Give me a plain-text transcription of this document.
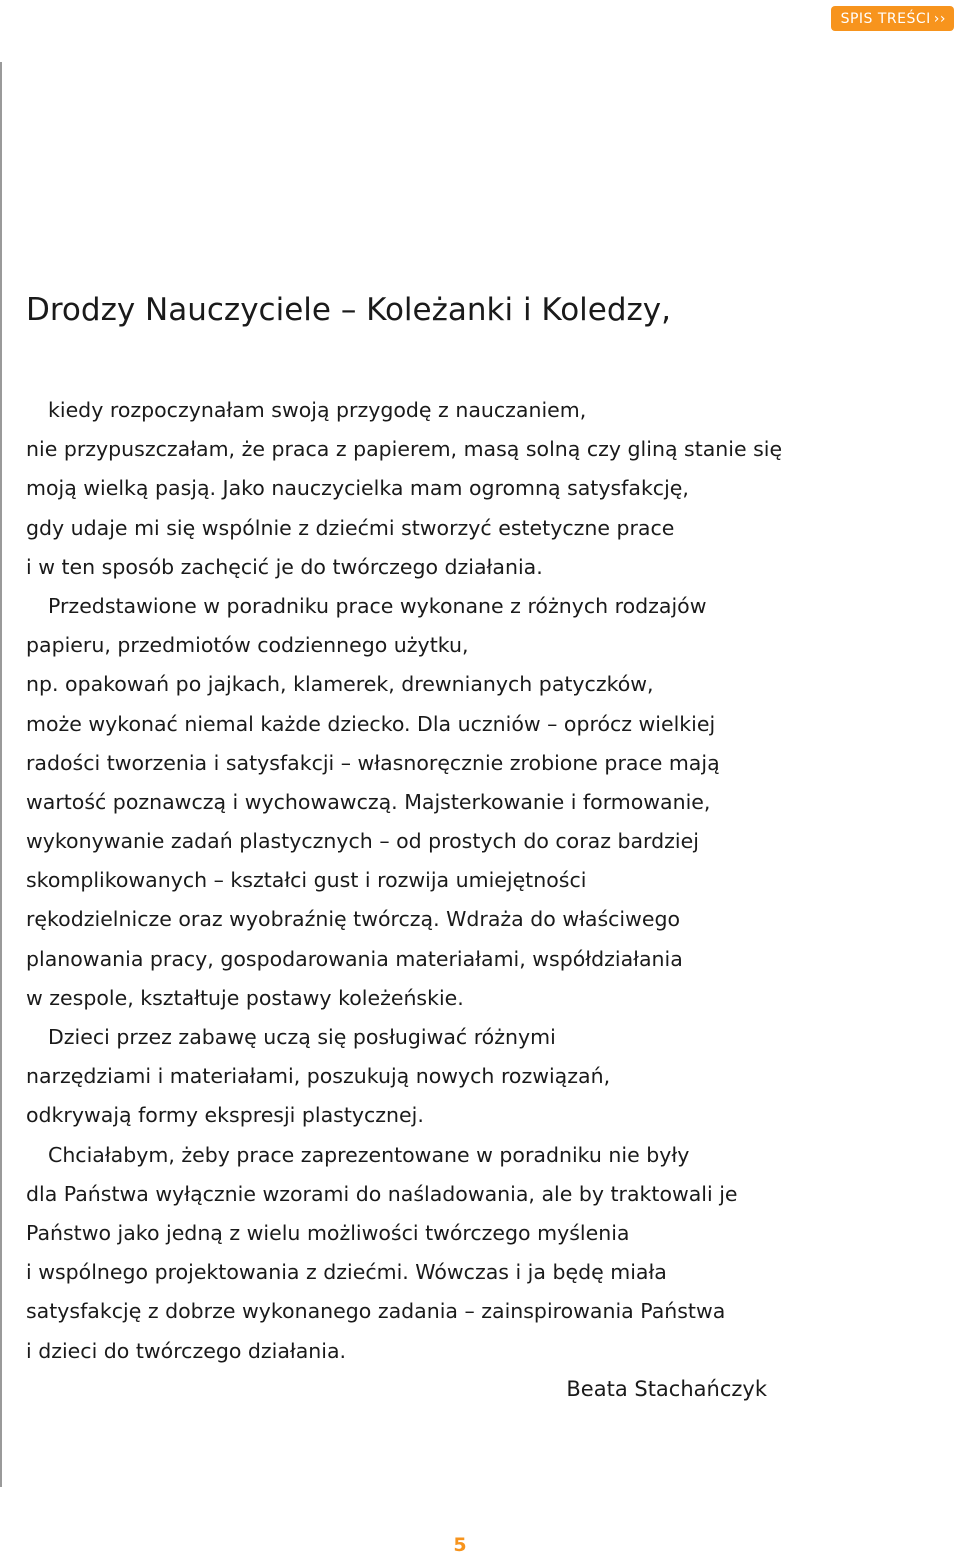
SPIS TREŚCI ››
Drodzy Nauczyciele – Koleżanki i Koledzy,
kiedy rozpoczynałam swoją przygodę z nauczaniem,
nie przypuszczałam, że praca z papierem, masą solną czy gliną stanie się
moją wielką pasją. Jako nauczycielka mam ogromną satysfakcję,
gdy udaje mi się wspólnie z dziećmi stworzyć estetyczne prace
i w ten sposób zachęcić je do twórczego działania.
Przedstawione w poradniku prace wykonane z różnych rodzajów
papieru, przedmiotów codziennego użytku,
np. opakowań po jajkach, klamerek, drewnianych patyczków,
może wykonać niemal każde dziecko. Dla uczniów – oprócz wielkiej
radości tworzenia i satysfakcji – własnoręcznie zrobione prace mają
wartość poznawczą i wychowawczą. Majsterkowanie i formowanie,
wykonywanie zadań plastycznych – od prostych do coraz bardziej
skomplikowanych – kształci gust i rozwija umiejętności
rękodzielnicze oraz wyobraźnię twórczą. Wdraża do właściwego
planowania pracy, gospodarowania materiałami, współdziałania
w zespole, kształtuje postawy koleżeńskie.
Dzieci przez zabawę uczą się posługiwać różnymi
narzędziami i materiałami, poszukują nowych rozwiązań,
odkrywają formy ekspresji plastycznej.
Chciałabym, żeby prace zaprezentowane w poradniku nie były
dla Państwa wyłącznie wzorami do naśladowania, ale by traktowali je
Państwo jako jedną z wielu możliwości twórczego myślenia
i wspólnego projektowania z dziećmi. Wówczas i ja będę miała
satysfakcję z dobrze wykonanego zadania – zainspirowania Państwa
i dzieci do twórczego działania.
Beata Stachańczyk
5
